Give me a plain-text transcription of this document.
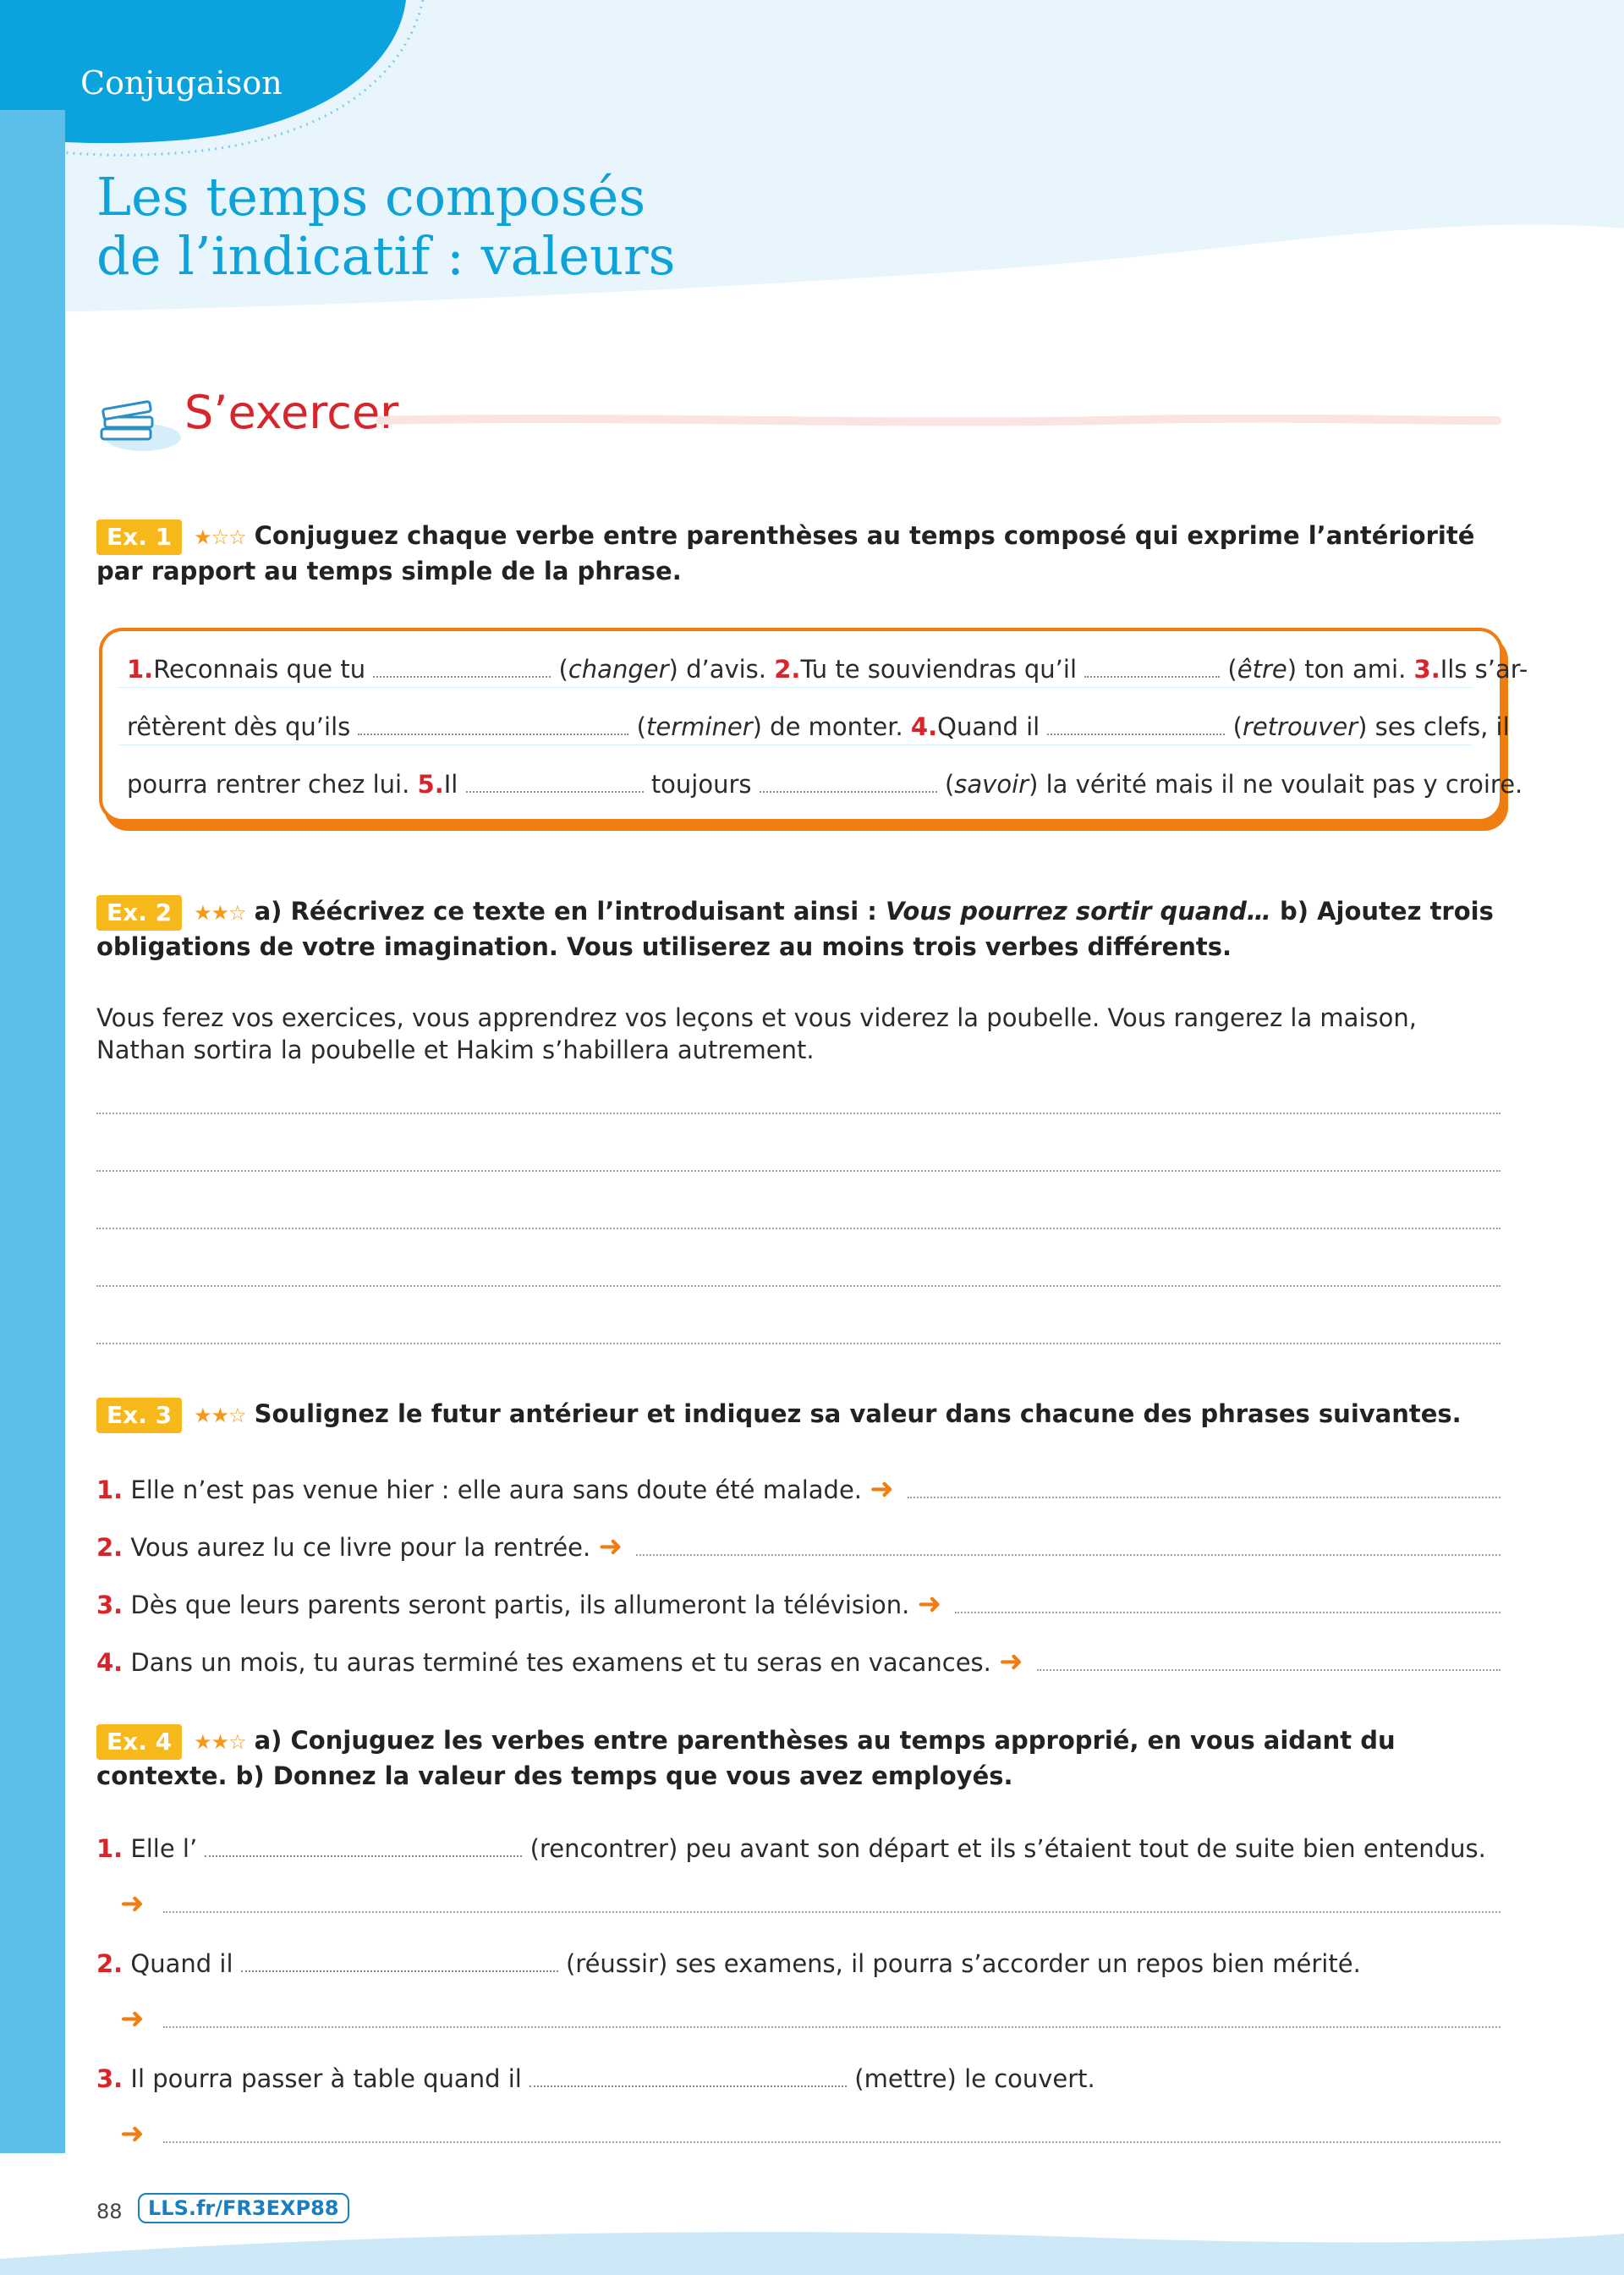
Conjugaison
Les temps composés
de l’indicatif : valeurs
S’exercer
Ex. 1 ★☆☆ Conjuguez chaque verbe entre parenthèses au temps composé qui exprime l’antériorité par rapport au temps simple de la phrase.
1.Reconnais que tu	(changer) d’avis. 2.Tu te souviendras qu’il	(être) ton ami. 3.Ils s’ar-
rêtèrent dès qu’ils	(terminer) de monter. 4.Quand il	(retrouver) ses clefs, il
pourra rentrer chez lui. 5.Il	toujours	(savoir) la vérité mais il ne voulait pas y croire.
Ex. 2 ★★☆ a) Réécrivez ce texte en l’introduisant ainsi : Vous pourrez sortir quand… b) Ajoutez trois obligations de votre imagination. Vous utiliserez au moins trois verbes différents.
Vous ferez vos exercices, vous apprendrez vos leçons et vous viderez la poubelle. Vous rangerez la maison, Nathan sortira la poubelle et Hakim s’habillera autrement.
Ex. 3 ★★☆ Soulignez le futur antérieur et indiquez sa valeur dans chacune des phrases suivantes.
1.
Elle n’est pas venue hier : elle aura sans doute été malade.
➜
2.
Vous aurez lu ce livre pour la rentrée.
➜
3.
Dès que leurs parents seront partis, ils allumeront la télévision.
➜
4.
Dans un mois, tu auras terminé tes examens et tu seras en vacances.
➜
Ex. 4 ★★☆ a) Conjuguez les verbes entre parenthèses au temps approprié, en vous aidant du contexte. b) Donnez la valeur des temps que vous avez employés.
1. Elle l’	(rencontrer) peu avant son départ et ils s’étaient tout de suite bien entendus.
➜
2. Quand il	(réussir) ses examens, il pourra s’accorder un repos bien mérité.
➜
3. Il pourra passer à table quand il	(mettre) le couvert.
➜
88	LLS.fr/FR3EXP88
